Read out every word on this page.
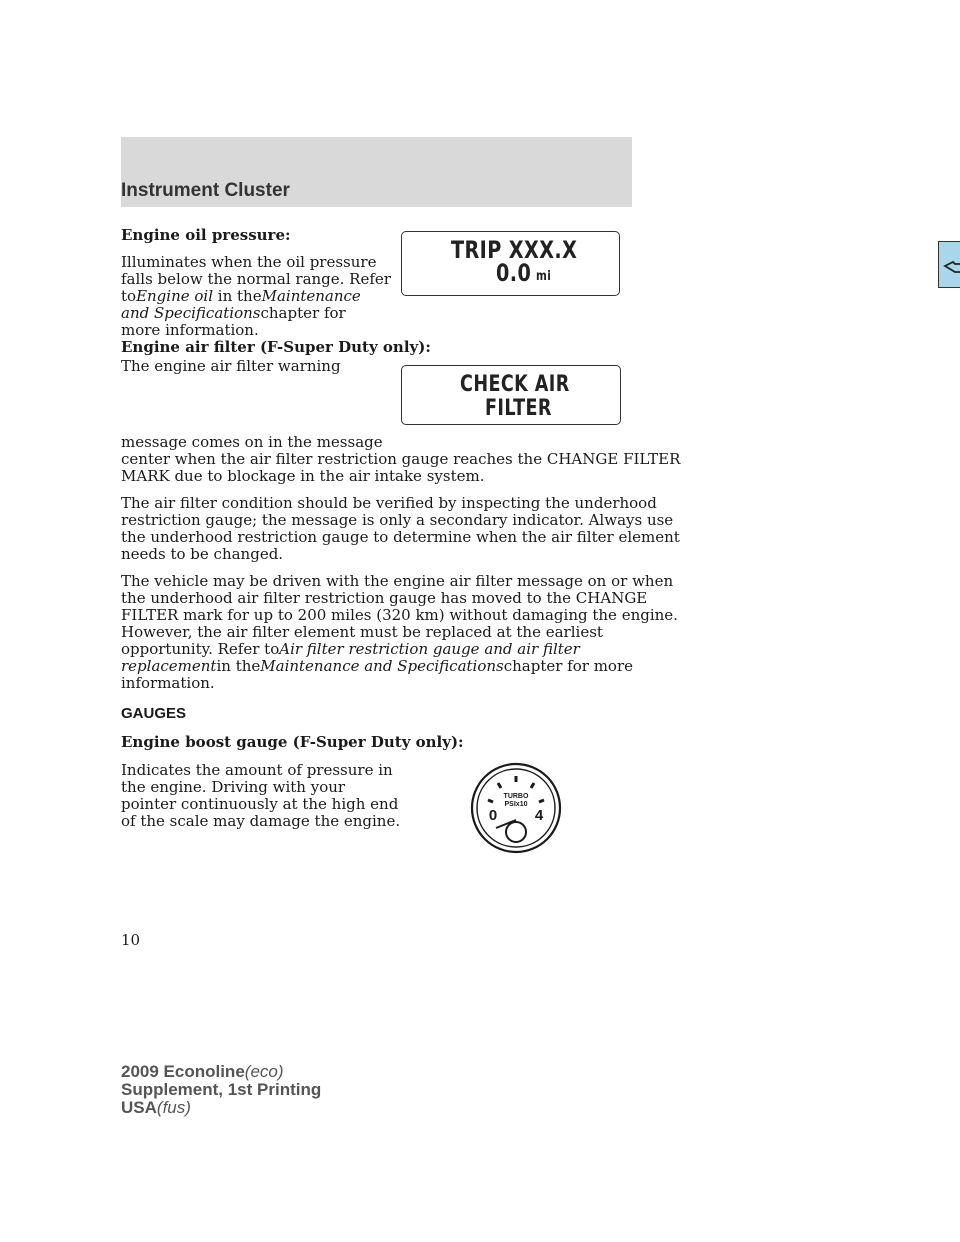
Instrument Cluster
Engine oil pressure:
Illuminates when the oil pressure
falls below the normal range. Refer
toEngine oil in theMaintenance
and Specificationschapter for
more information.
TRIP XXX.X
0.0 mi
Engine air filter (F-Super Duty only):
The engine air filter warning
CHECK AIR
FILTER
message comes on in the message
center when the air filter restriction gauge reaches the CHANGE FILTER
MARK due to blockage in the air intake system.
The air filter condition should be verified by inspecting the underhood
restriction gauge; the message is only a secondary indicator. Always use
the underhood restriction gauge to determine when the air filter element
needs to be changed.
The vehicle may be driven with the engine air filter message on or when
the underhood air filter restriction gauge has moved to the CHANGE
FILTER mark for up to 200 miles (320 km) without damaging the engine.
However, the air filter element must be replaced at the earliest
opportunity. Refer toAir filter restriction gauge and air filter
replacementin theMaintenance and Specificationschapter for more
information.
GAUGES
Engine boost gauge (F-Super Duty only):
Indicates the amount of pressure in
the engine. Driving with your
pointer continuously at the high end
of the scale may damage the engine.
TURBO
PSIx10
0	4
10
2009 Econoline(eco)
Supplement, 1st Printing
USA(fus)
